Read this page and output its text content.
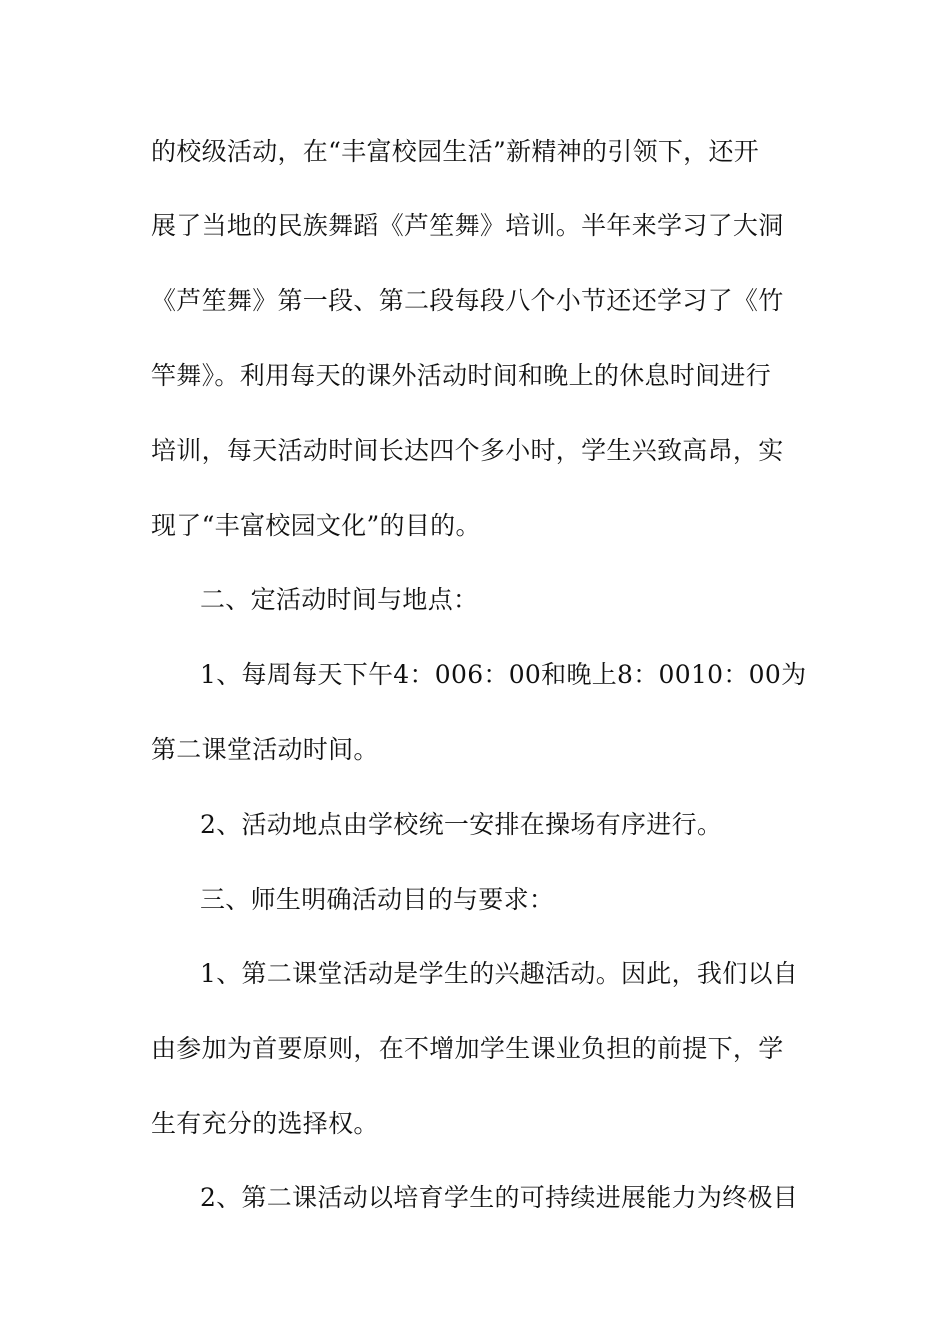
的校级活动，在“丰富校园生活”新精神的引领下，还开
展了当地的民族舞蹈《芦笙舞》培训。半年来学习了大洞
《芦笙舞》第一段、第二段每段八个小节还还学习了《竹
竿舞》。利用每天的课外活动时间和晚上的休息时间进行
培训，每天活动时间长达四个多小时，学生兴致高昂，实
现了“丰富校园文化”的目的。
二、定活动时间与地点：
1、每周每天下午4：006：00和晚上8：0010：00为
第二课堂活动时间。
2、活动地点由学校统一安排在操场有序进行。
三、师生明确活动目的与要求：
1、第二课堂活动是学生的兴趣活动。因此，我们以自
由参加为首要原则，在不增加学生课业负担的前提下，学
生有充分的选择权。
2、第二课活动以培育学生的可持续进展能力为终极目
